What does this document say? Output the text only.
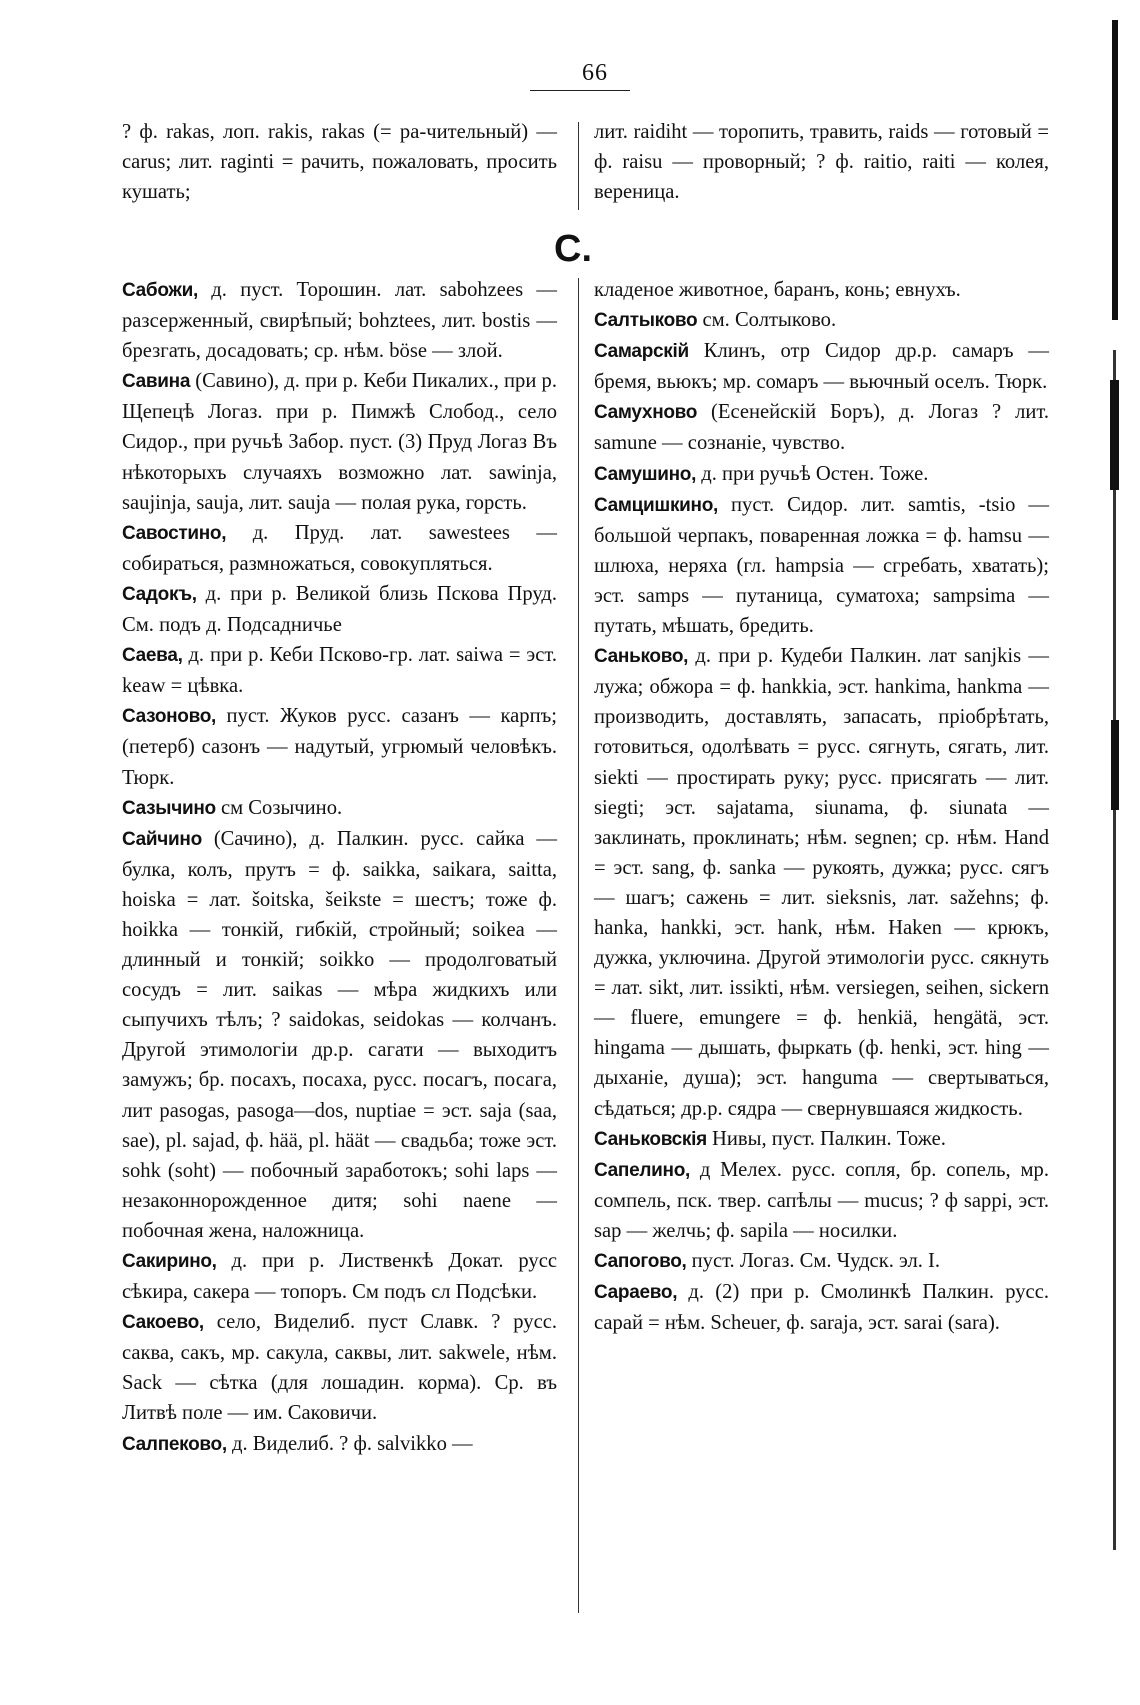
66

? ф. rakas, лоп. rakis, rakas (= ра-чительный) — carus; лит. raginti = рачить, пожаловать, просить кушать;

лит. raidiht — торопить, травить, raids — готовый = ф. raisu — проворный; ? ф. raitio, raiti — колея, вереница.

С.

Сабожи, д. пуст. Торошин. лат. sabohzees — разсерженный, свирѣпый; bohztees, лит. bostis — брезгать, досадовать; ср. нѣм. böse — злой.

Савина (Савино), д. при р. Кеби Пикалих., при р. Щепецѣ Логаз. при р. Пимжѣ Слобод., село Сидор., при ручьѣ Забор. пуст. (3) Пруд Логаз Въ нѣкоторыхъ случаяхъ возможно лат. sawinja, saujinja, sauja, лит. sauja — полая рука, горсть.

Савостино, д. Пруд. лат. sawestees — собираться, размножаться, совокупляться.

Садокъ, д. при р. Великой близь Пскова Пруд. См. подъ д. Подсадничье

Саева, д. при р. Кеби Псково-гр. лат. saiwa = эст. keaw = цѣвка.

Сазоново, пуст. Жуков русс. сазанъ — карпъ; (петерб) сазонъ — надутый, угрюмый человѣкъ. Тюрк.

Сазычино см Созычино.

Сайчино (Сачино), д. Палкин. русс. сайка — булка, колъ, прутъ = ф. saikka, saikara, saitta, hoiska = лат. šoitska, šeikste = шестъ; тоже ф. hoikka — тонкій, гибкій, стройный; soikea — длинный и тонкій; soikko — продолговатый сосудъ = лит. saikas — мѣра жидкихъ или сыпучихъ тѣлъ; ? saidokas, seidokas — колчанъ. Другой этимологіи др.р. сагати — выходитъ замужъ; бр. посахъ, посаха, русс. посагъ, посага, лит pasogas, pasoga—dos, nuptiae = эст. saja (saa, sae), pl. sajad, ф. hää, pl. häät — свадьба; тоже эст. sohk (soht) — побочный заработокъ; sohi laps — незаконнорожденное дитя; sohi naene — побочная жена, наложница.

Сакирино, д. при р. Лиственкѣ Докат. русс сѣкира, сакера — топоръ. См подъ сл Подсѣки.

Сакоево, село, Виделиб. пуст Славк. ? русс. саква, сакъ, мр. сакула, саквы, лит. sakwele, нѣм. Sack — сѣтка (для лошадин. корма). Ср. въ Литвѣ поле — им. Саковичи.

Салпеково, д. Виделиб. ? ф. salvikko —

кладеное животное, баранъ, конь; евнухъ.

Салтыково см. Солтыково.

Самарскій Клинъ, отр Сидор др.р. самаръ — бремя, вьюкъ; мр. сомаръ — вьючный оселъ. Тюрк.

Самухново (Есенейскій Боръ), д. Логаз ? лит. samune — сознаніе, чувство.

Самушино, д. при ручьѣ Остен. Тоже.

Самцишкино, пуст. Сидор. лит. samtis, -tsio — большой черпакъ, поваренная ложка = ф. hamsu — шлюха, неряха (гл. hampsia — сгребать, хватать); эст. samps — путаница, суматоха; sampsima — путать, мѣшать, бредить.

Саньково, д. при р. Кудеби Палкин. лат sanjkis — лужа; обжора = ф. hankkia, эст. hankima, hankma — производить, доставлять, запасать, пріобрѣтать, готовиться, одолѣвать = русс. сягнуть, сягать, лит. siekti — простирать руку; русс. присягать — лит. siegti; эст. sajatama, siunama, ф. siunata — заклинать, проклинать; нѣм. segnen; ср. нѣм. Hand = эст. sang, ф. sanka — рукоять, дужка; русс. сягъ — шагъ; сажень = лит. sieksnis, лат. sažehns; ф. hanka, hankki, эст. hank, нѣм. Haken — крюкъ, дужка, уключина. Другой этимологіи русс. сякнуть = лат. sikt, лит. issikti, нѣм. versiegen, seihen, sickern — fluere, emungere = ф. henkiä, hengätä, эст. hingama — дышать, фыркать (ф. henki, эст. hing — дыханіе, душа); эст. hanguma — свертываться, сѣдаться; др.р. сядра — свернувшаяся жидкость.

Саньковскія Нивы, пуст. Палкин. Тоже.

Сапелино, д Мелех. русс. сопля, бр. сопель, мр. сомпель, пск. твер. сапѣлы — mucus; ? ф sappi, эст. sap — желчь; ф. sapila — носилки.

Сапогово, пуст. Логаз. См. Чудск. эл. I.

Сараево, д. (2) при р. Смолинкѣ Палкин. русс. сарай = нѣм. Scheuer, ф. saraja, эст. sarai (sara).
